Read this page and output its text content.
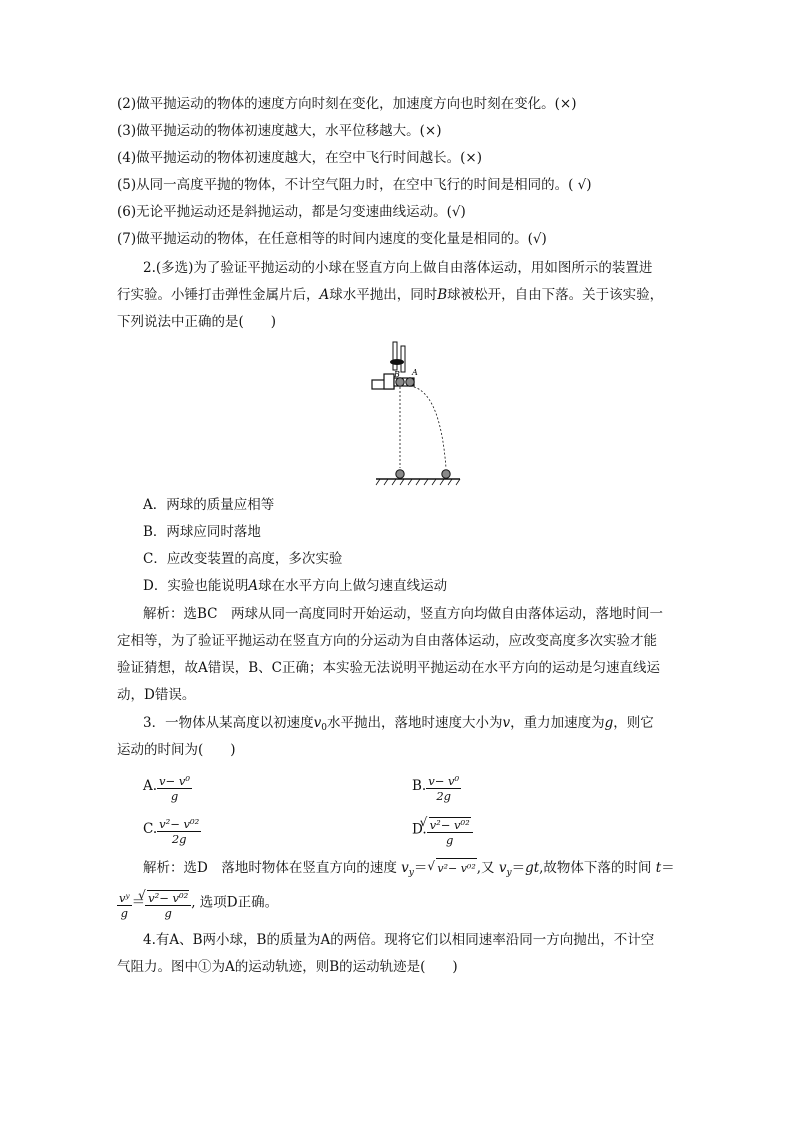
(2)做平抛运动的物体的速度方向时刻在变化，加速度方向也时刻在变化。(×)
(3)做平抛运动的物体初速度越大，水平位移越大。(×)
(4)做平抛运动的物体初速度越大，在空中飞行时间越长。(×)
(5)从同一高度平抛的物体，不计空气阻力时，在空中飞行的时间是相同的。( √)
(6)无论平抛运动还是斜抛运动，都是匀变速曲线运动。(√)
(7)做平抛运动的物体，在任意相等的时间内速度的变化量是相同的。(√)
2.(多选)为了验证平抛运动的小球在竖直方向上做自由落体运动，用如图所示的装置进
行实验。小锤打击弹性金属片后，A球水平抛出，同时B球被松开，自由下落。关于该实验，
下列说法中正确的是(　　)
B A
A．两球的质量应相等
B．两球应同时落地
C．应改变装置的高度，多次实验
D．实验也能说明A球在水平方向上做匀速直线运动
解析：选BC　两球从同一高度同时开始运动，竖直方向均做自由落体运动，落地时间一
定相等，为了验证平抛运动在竖直方向的分运动为自由落体运动，应改变高度多次实验才能
验证猜想，故A错误，B、C正确；本实验无法说明平抛运动在水平方向的运动是匀速直线运
动，D错误。
3．一物体从某高度以初速度$v_0$水平抛出，落地时速度大小为v，重力加速度为g，则它
运动的时间为(　　)
A. $\frac{\text{v− v⁰}}{g}$	B. $\frac{\text{v− v⁰}}{2g}$
C. $\frac{\text{v²− v⁰²}}{2g}$	D.
√ $\frac{\text{v²− v⁰²}}{g}$
解析：选D　落地时物体在竖直方向的速度 $v_y=√$ v²− v⁰²,又 $v_y=gt$,故物体下落的时间 t＝
$\frac{\text{vʸ}}{g}$ ＝
√ $\frac{\text{v²− v⁰²}}{g}$ , 选项D正确。
4.有A、B两小球，B的质量为A的两倍。现将它们以相同速率沿同一方向抛出，不计空
气阻力。图中①为A的运动轨迹，则B的运动轨迹是(　　)
